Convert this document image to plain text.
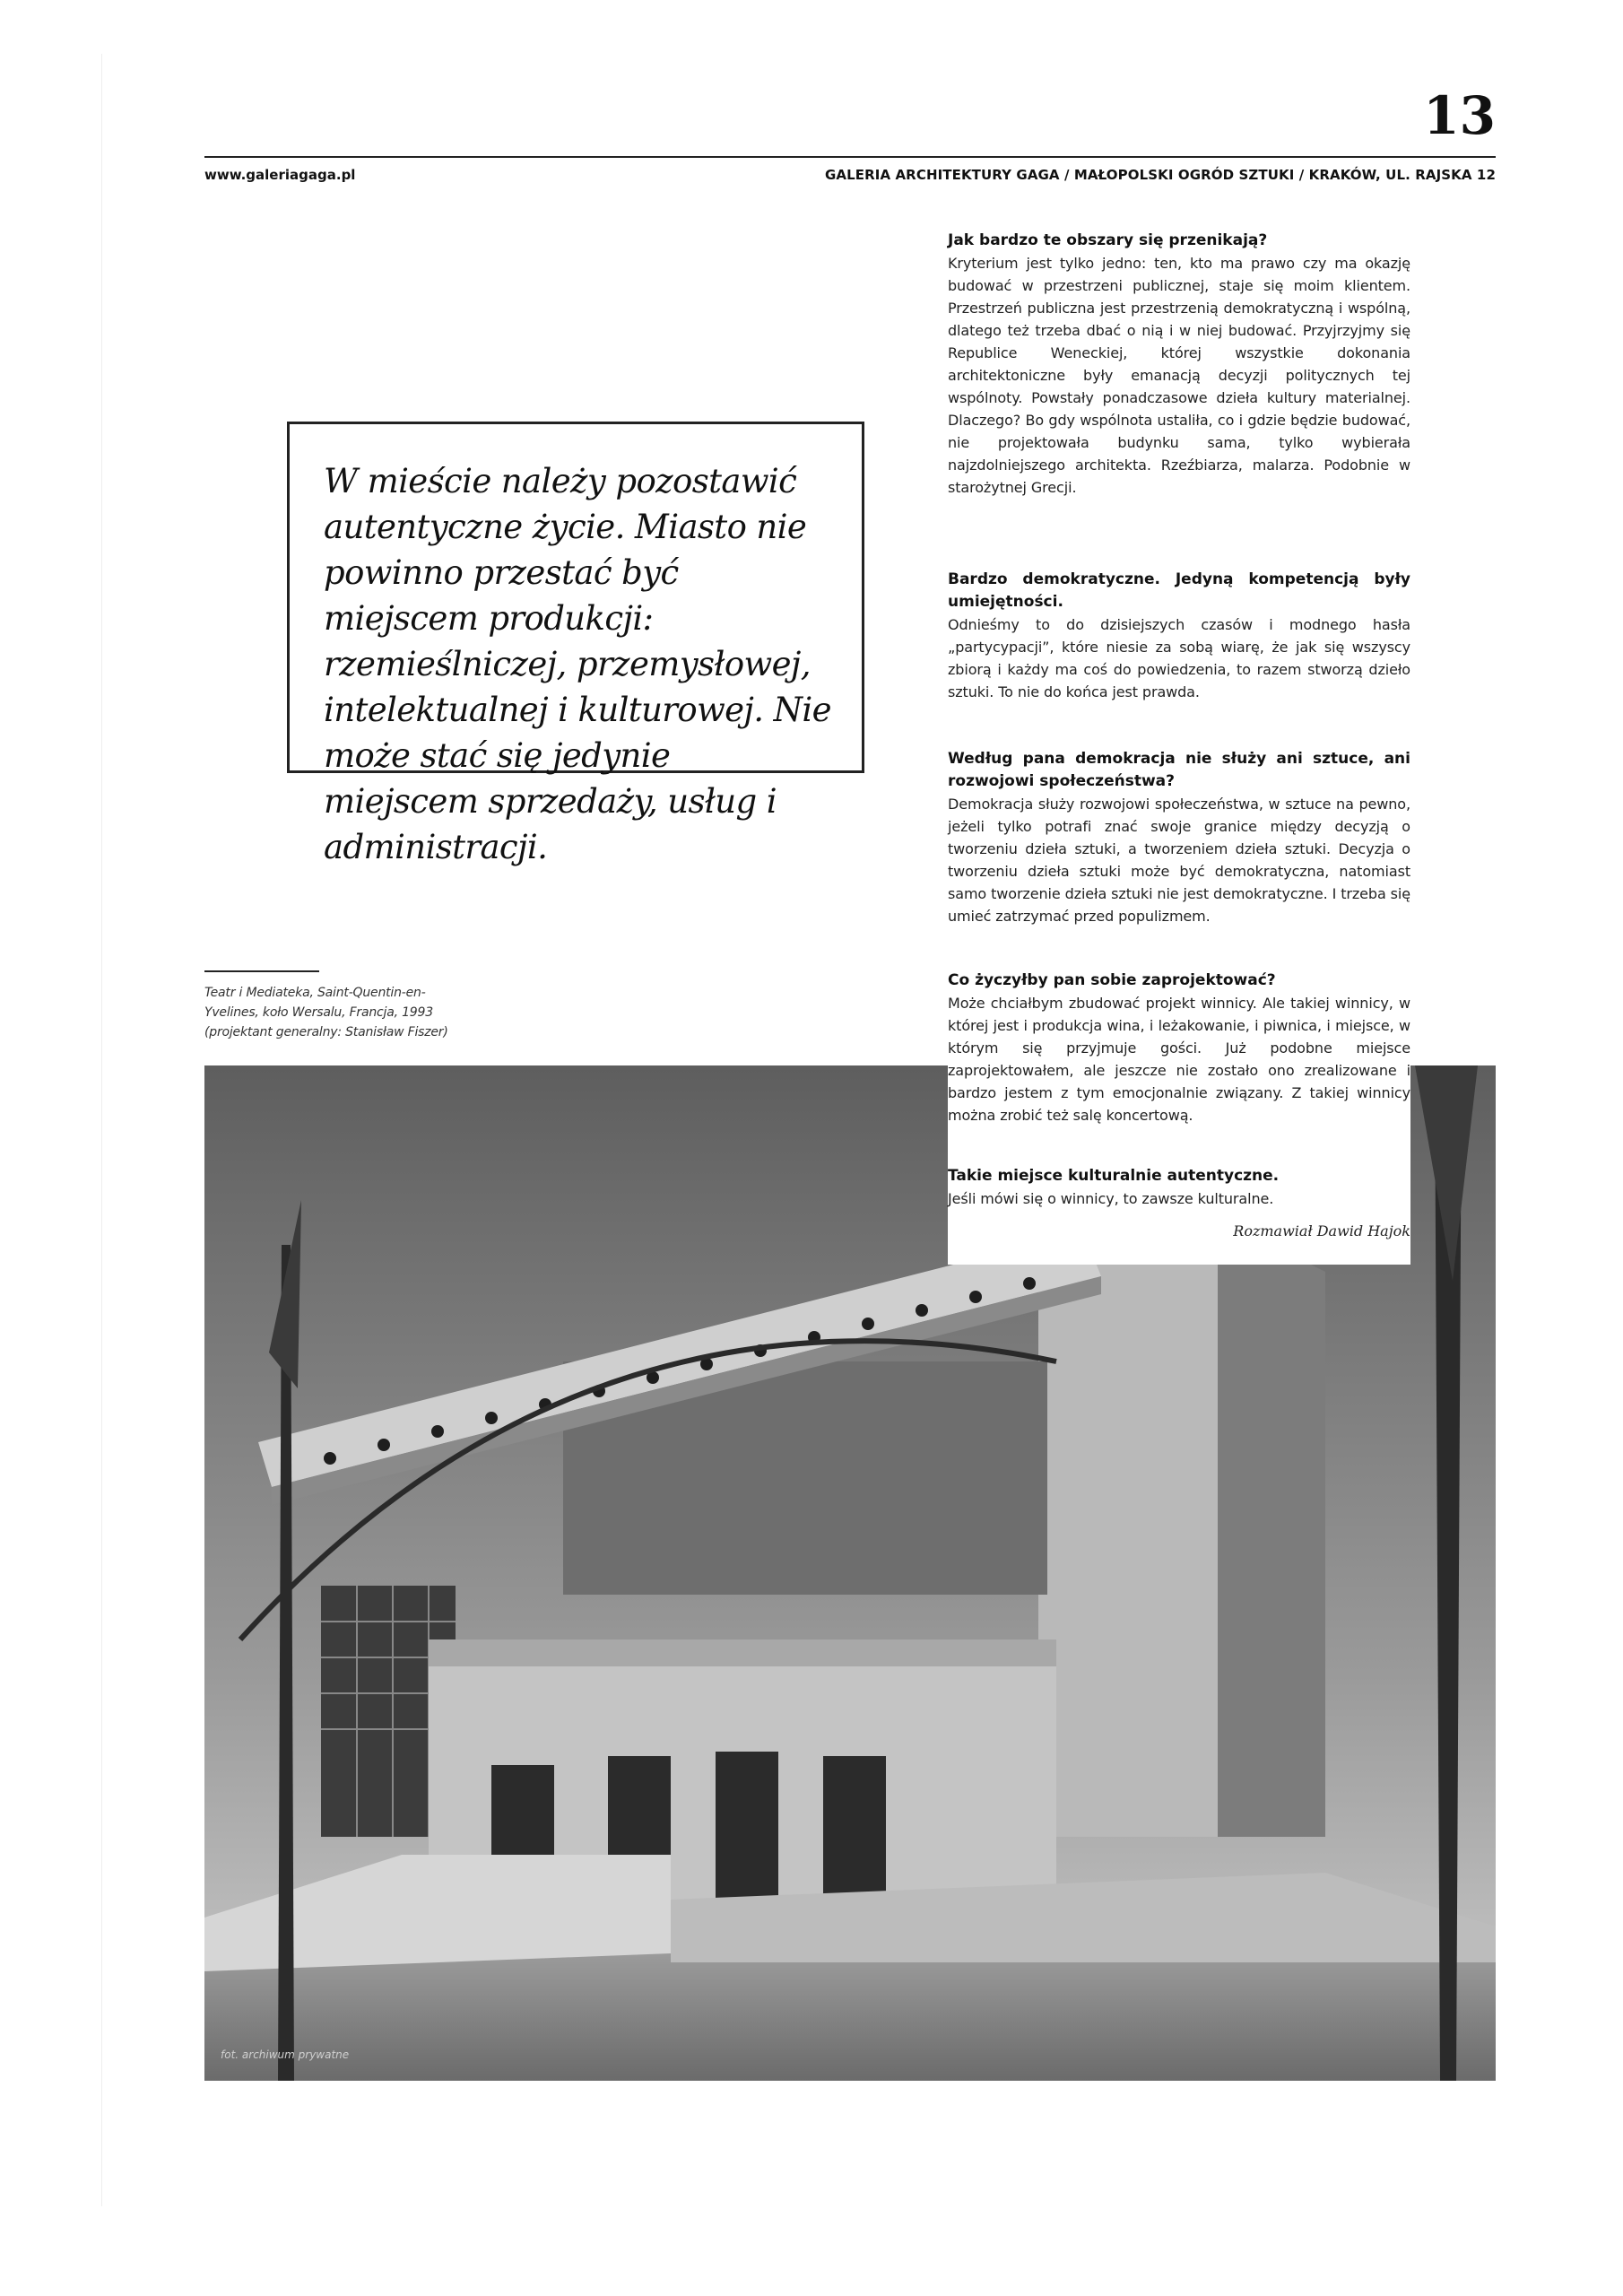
13
www.galeriagaga.pl	GALERIA ARCHITEKTURY GAGA / MAŁOPOLSKI OGRÓD SZTUKI / KRAKÓW, UL. RAJSKA 12

W mieście należy pozostawić autentyczne życie. Miasto nie powinno przestać być miejscem produkcji: rzemieślniczej, przemysłowej, intelektualnej i kulturowej. Nie może stać się jedynie miejscem sprzedaży, usług i administracji.

Teatr i Mediateka, Saint-Quentin-en-Yvelines, koło Wersalu, Francja, 1993 (projektant generalny: Stanisław Fiszer)
fot. archiwum prywatne

Jak bardzo te obszary się przenikają?

Kryterium jest tylko jedno: ten, kto ma prawo czy ma okazję budować w przestrzeni publicznej, staje się moim klientem. Przestrzeń publiczna jest przestrzenią demokratyczną i wspólną, dlatego też trzeba dbać o nią i w niej budować. Przyjrzyjmy się Republice Weneckiej, której wszystkie dokonania architektoniczne były emanacją decyzji politycznych tej wspólnoty. Powstały ponadczasowe dzieła kultury materialnej. Dlaczego? Bo gdy wspólnota ustaliła, co i gdzie będzie budować, nie projektowała budynku sama, tylko wybierała najzdolniejszego architekta. Rzeźbiarza, malarza. Podobnie w starożytnej Grecji.

Bardzo demokratyczne. Jedyną kompetencją były umiejętności.

Odnieśmy to do dzisiejszych czasów i modnego hasła „partycypacji”, które niesie za sobą wiarę, że jak się wszyscy zbiorą i każdy ma coś do powiedzenia, to razem stworzą dzieło sztuki. To nie do końca jest prawda.

Według pana demokracja nie służy ani sztuce, ani rozwojowi społeczeństwa?

Demokracja służy rozwojowi społeczeństwa, w sztuce na pewno, jeżeli tylko potrafi znać swoje granice między decyzją o tworzeniu dzieła sztuki, a tworzeniem dzieła sztuki. Decyzja o tworzeniu dzieła sztuki może być demokratyczna, natomiast samo tworzenie dzieła sztuki nie jest demokratyczne. I trzeba się umieć zatrzymać przed populizmem.

Co życzyłby pan sobie zaprojektować?

Może chciałbym zbudować projekt winnicy. Ale takiej winnicy, w której jest i produkcja wina, i leżakowanie, i piwnica, i miejsce, w którym się przyjmuje gości. Już podobne miejsce zaprojektowałem, ale jeszcze nie zostało ono zrealizowane i bardzo jestem z tym emocjonalnie związany. Z takiej winnicy można zrobić też salę koncertową.

Takie miejsce kulturalnie autentyczne.

Jeśli mówi się o winnicy, to zawsze kulturalne.

Rozmawiał Dawid Hajok
